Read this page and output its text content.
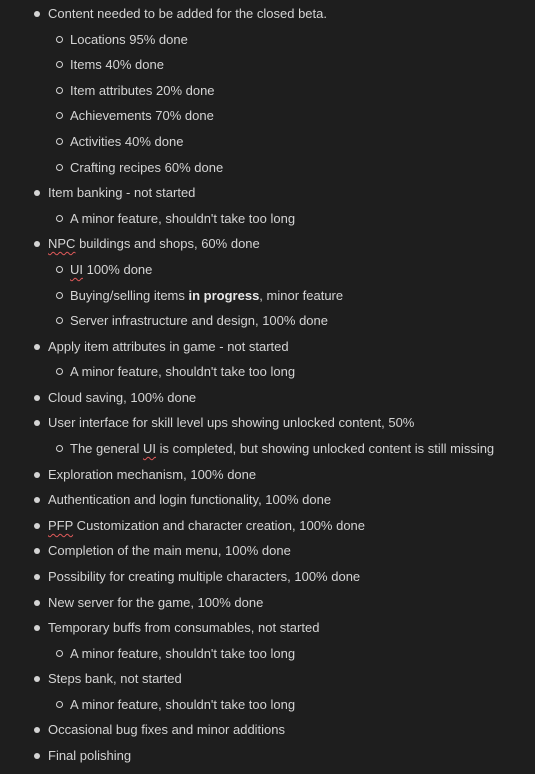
Content needed to be added for the closed beta.
Locations 95% done
Items 40% done
Item attributes 20% done
Achievements 70% done
Activities 40% done
Crafting recipes 60% done
Item banking - not started
A minor feature, shouldn't take too long
NPC buildings and shops, 60% done
UI 100% done
Buying/selling items in progress, minor feature
Server infrastructure and design, 100% done
Apply item attributes in game - not started
A minor feature, shouldn't take too long
Cloud saving, 100% done
User interface for skill level ups showing unlocked content, 50%
The general UI is completed, but showing unlocked content is still missing
Exploration mechanism, 100% done
Authentication and login functionality, 100% done
PFP Customization and character creation, 100% done
Completion of the main menu, 100% done
Possibility for creating multiple characters, 100% done
New server for the game, 100% done
Temporary buffs from consumables, not started
A minor feature, shouldn't take too long
Steps bank, not started
A minor feature, shouldn't take too long
Occasional bug fixes and minor additions
Final polishing
